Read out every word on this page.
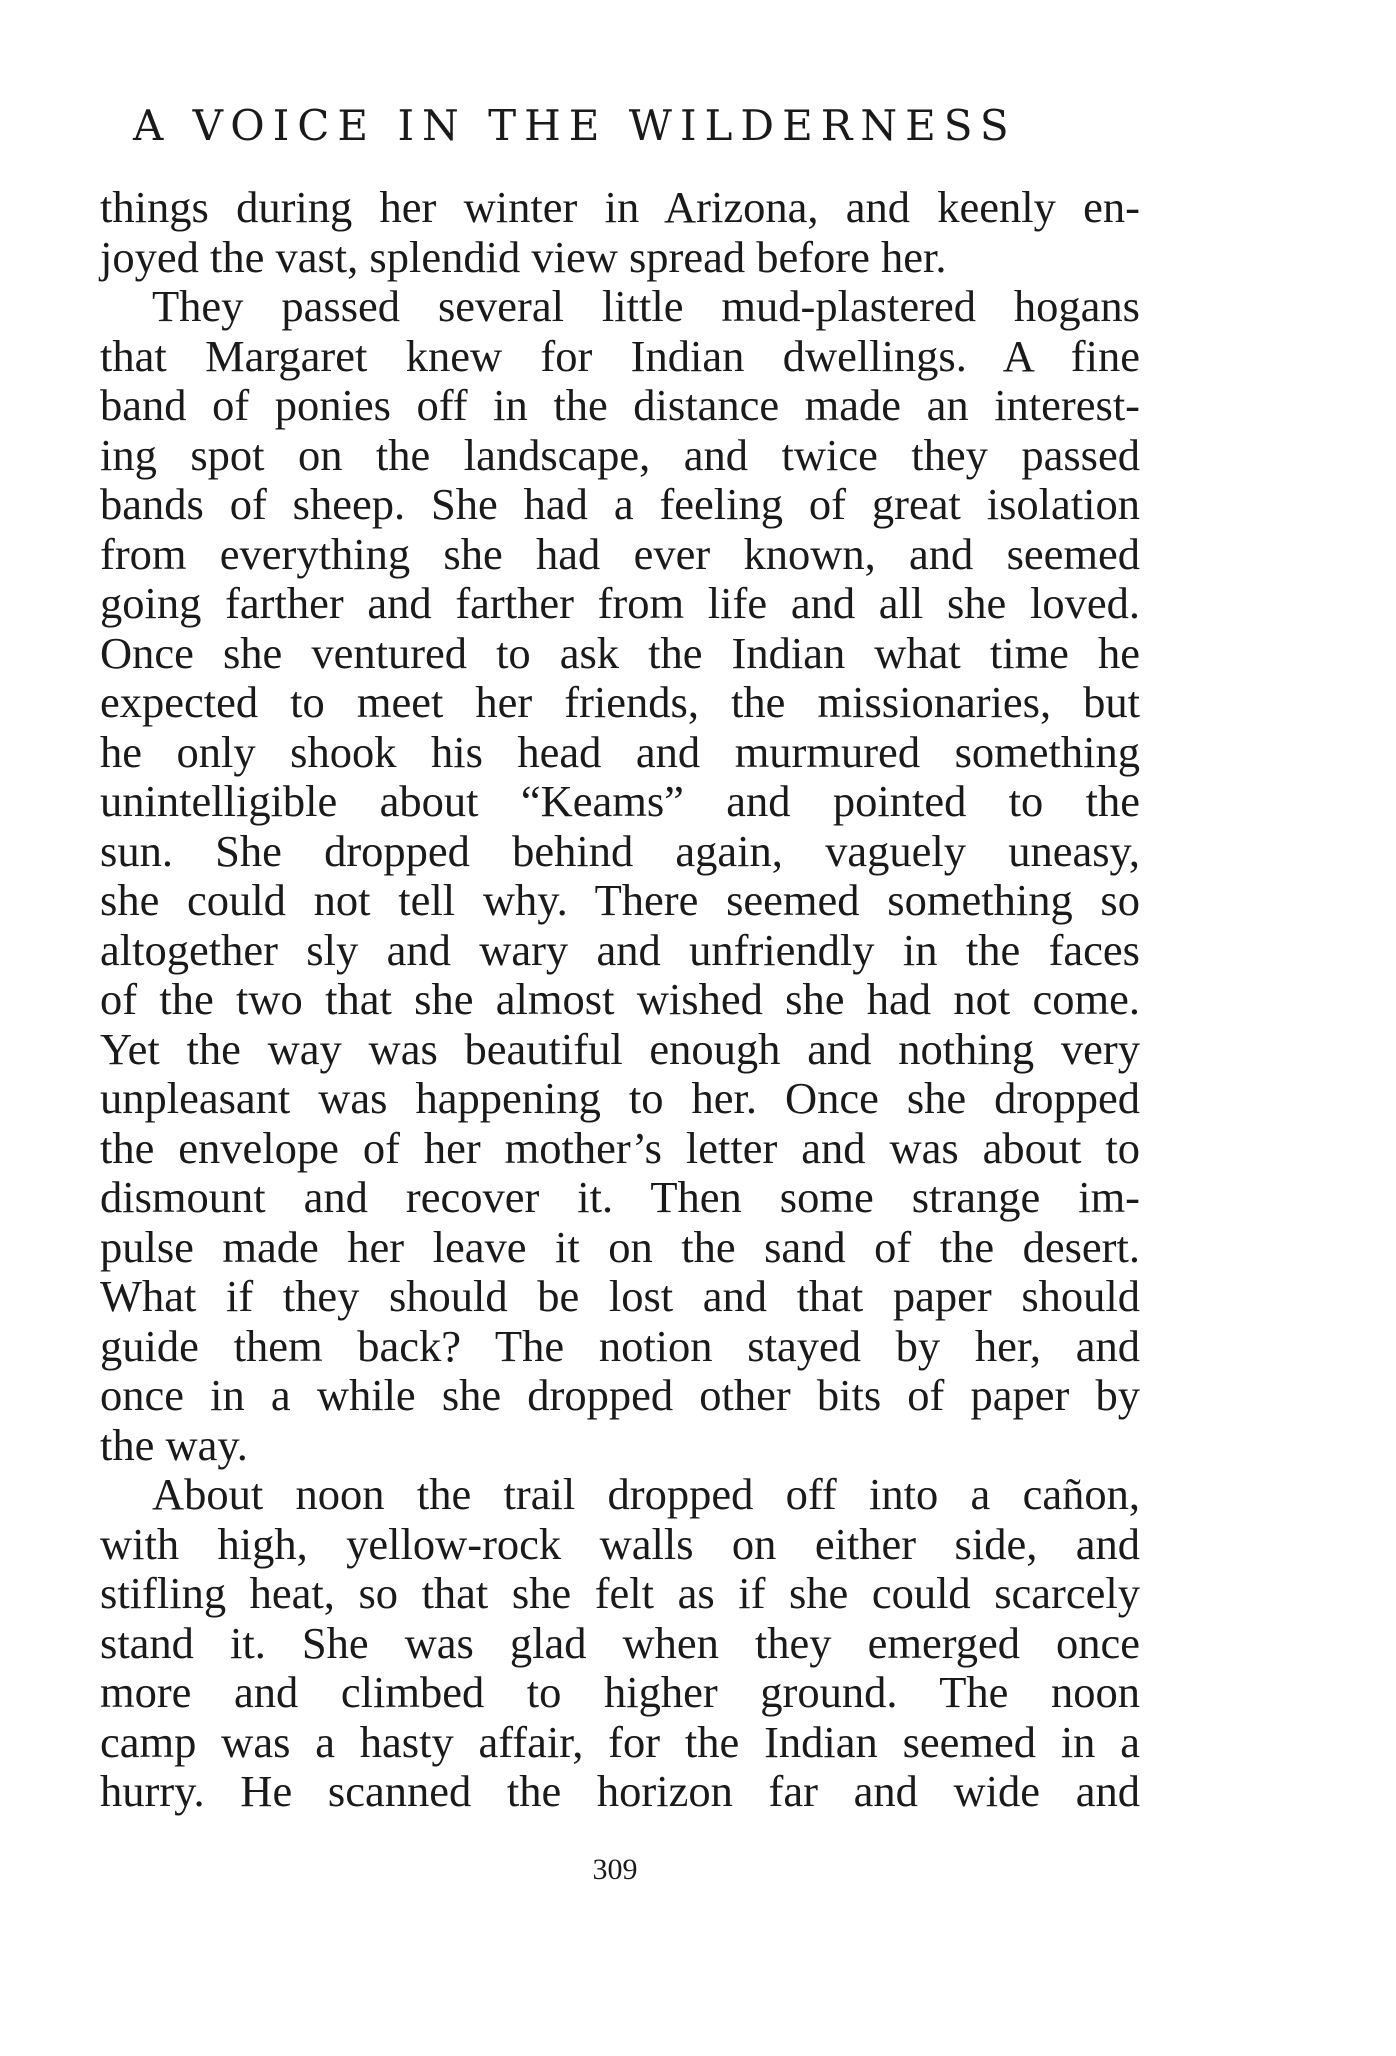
A VOICE IN THE WILDERNESS
things during her winter in Arizona, and keenly en-
joyed the vast, splendid view spread before her.
They passed several little mud-plastered hogans
that Margaret knew for Indian dwellings. A fine
band of ponies off in the distance made an interest-
ing spot on the landscape, and twice they passed
bands of sheep. She had a feeling of great isolation
from everything she had ever known, and seemed
going farther and farther from life and all she loved.
Once she ventured to ask the Indian what time he
expected to meet her friends, the missionaries, but
he only shook his head and murmured something
unintelligible about “Keams” and pointed to the
sun. She dropped behind again, vaguely uneasy,
she could not tell why. There seemed something so
altogether sly and wary and unfriendly in the faces
of the two that she almost wished she had not come.
Yet the way was beautiful enough and nothing very
unpleasant was happening to her. Once she dropped
the envelope of her mother’s letter and was about to
dismount and recover it. Then some strange im-
pulse made her leave it on the sand of the desert.
What if they should be lost and that paper should
guide them back? The notion stayed by her, and
once in a while she dropped other bits of paper by
the way.
About noon the trail dropped off into a cañon,
with high, yellow-rock walls on either side, and
stifling heat, so that she felt as if she could scarcely
stand it. She was glad when they emerged once
more and climbed to higher ground. The noon
camp was a hasty affair, for the Indian seemed in a
hurry. He scanned the horizon far and wide and
309
